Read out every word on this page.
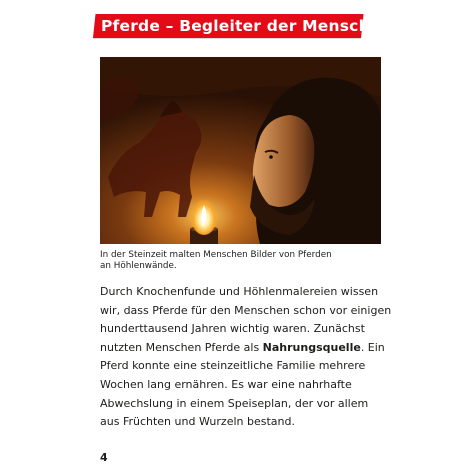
Pferde – Begleiter der Menschen
In der Steinzeit malten Menschen Bilder von Pferden
an Höhlenwände.
Durch Knochenfunde und Höhlenmalereien wissen
wir, dass Pferde für den Menschen schon vor einigen
hunderttausend Jahren wichtig waren. Zunächst
nutzten Menschen Pferde als Nahrungsquelle. Ein
Pferd konnte eine steinzeitliche Familie mehrere
Wochen lang ernähren. Es war eine nahrhafte
Abwechslung in einem Speiseplan, der vor allem
aus Früchten und Wurzeln bestand.
4
